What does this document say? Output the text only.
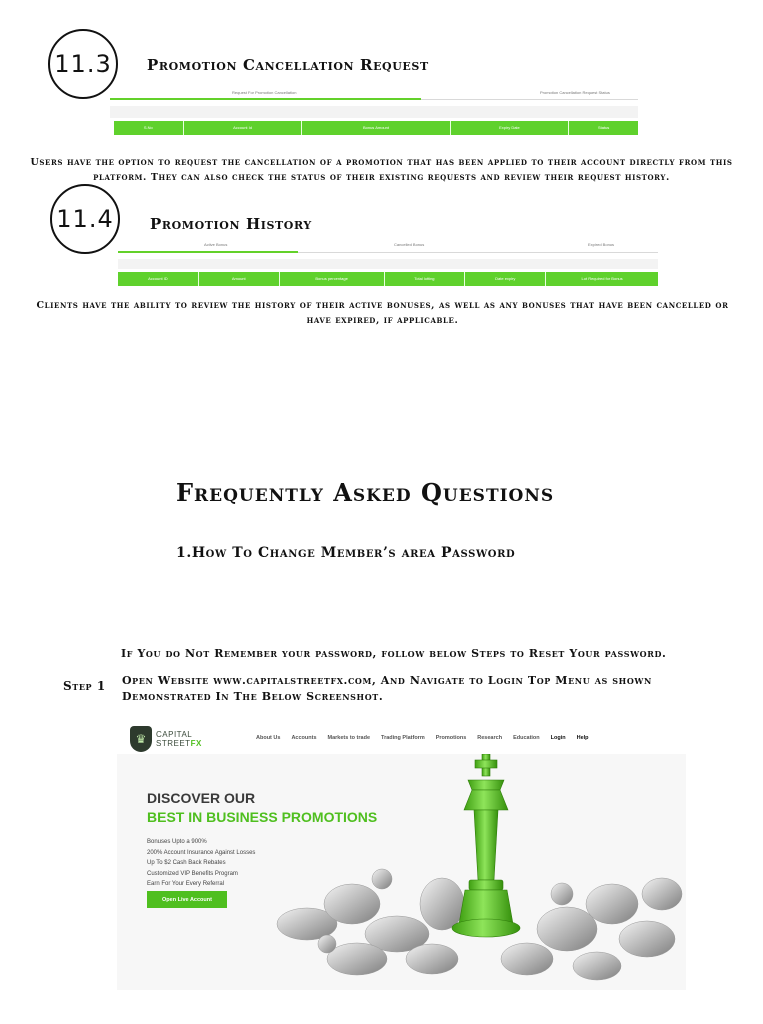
11.3	Promotion Cancellation Request
Request For Promotion Cancellation	Promotion Cancellation Request Status
S.No	Account Id	Bonus Amount	Expiry Date	Status
Users have the option to request the cancellation of a promotion that has been applied to their account directly from this platform. They can also check the status of their existing requests and review their request history.
11.4	Promotion History
Active Bonus	Cancelled Bonus	Expired Bonus
Account ID	Amount	Bonus percentage	Total lotting	Date expiry	Lot Required for Bonus
Clients have the ability to review the history of their active bonuses, as well as any bonuses that have been cancelled or have expired, if applicable.
Frequently Asked Questions
1.How To Change Member’s area Password
If You do Not Remember your password, follow below Steps to Reset Your password.
Step 1 Open Website www.capitalstreetfx.com, And Navigate to Login Top Menu as shown
Demonstrated In The Below Screenshot.
♛	CAPITAL
STREETFX
About Us Accounts Markets to trade Trading Platform Promotions Research Education Login Help
DISCOVER OUR
BEST IN BUSINESS PROMOTIONS
Bonuses Upto a 900%
200% Account Insurance Against Losses
Up To $2 Cash Back Rebates
Customized VIP Benefits Program
Earn For Your Every Referral
Open Live Account
